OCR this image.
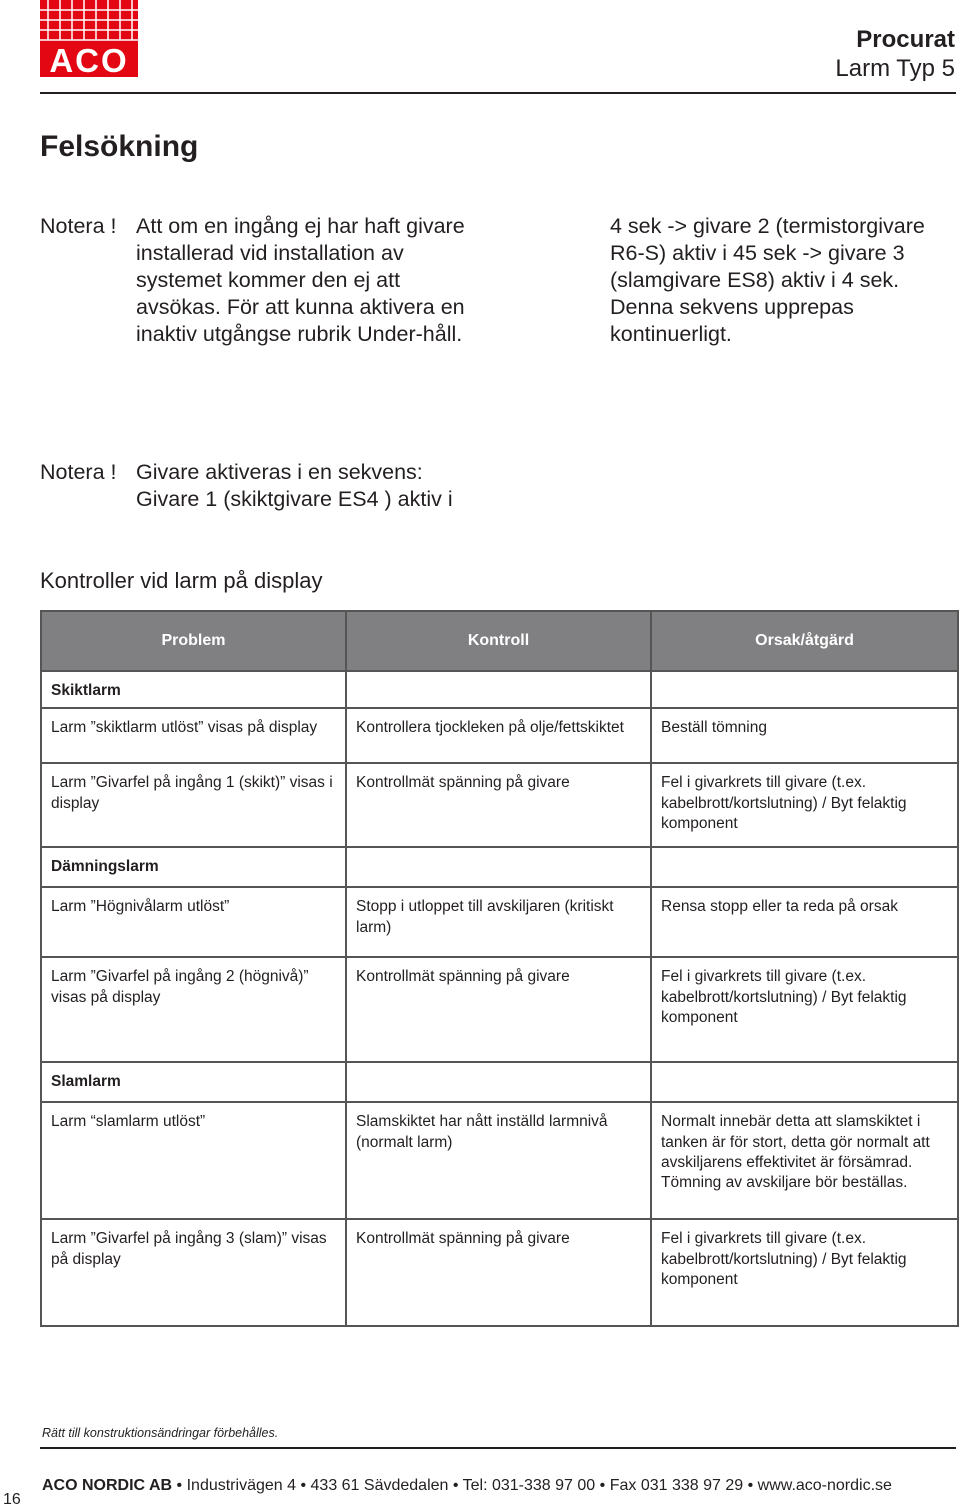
ACO
Procurat
Larm Typ 5
Felsökning
Notera ! Att om en ingång ej har haft givare installerad vid installation av systemet kommer den ej att avsökas. För att kunna aktivera en inaktiv utgångse rubrik Under-håll.
4 sek -> givare 2 (termistorgivare R6-S) aktiv i 45 sek -> givare 3 (slamgivare ES8) aktiv i 4 sek. Denna sekvens upprepas kontinuerligt.
Notera ! Givare aktiveras i en sekvens: Givare 1 (skiktgivare ES4 ) aktiv i
Kontroller vid larm på display
Problem	Kontroll	Orsak/åtgärd
Skiktlarm		
Larm ”skiktlarm utlöst” visas på display	Kontrollera tjockleken på olje/fettskiktet	Beställ tömning
Larm ”Givarfel på ingång 1 (skikt)” visas i display	Kontrollmät spänning på givare	Fel i givarkrets till givare (t.ex. kabelbrott/kortslutning) / Byt felaktig komponent
Dämningslarm		
Larm ”Högnivålarm utlöst”	Stopp i utloppet till avskiljaren (kritiskt larm)	Rensa stopp eller ta reda på orsak
Larm ”Givarfel på ingång 2 (högnivå)” visas på display	Kontrollmät spänning på givare	Fel i givarkrets till givare (t.ex. kabelbrott/kortslutning) / Byt felaktig komponent
Slamlarm		
Larm “slamlarm utlöst”	Slamskiktet har nått inställd larmnivå (normalt larm)	Normalt innebär detta att slamskiktet i tanken är för stort, detta gör normalt att avskiljarens effektivitet är försämrad. Tömning av avskiljare bör beställas.
Larm ”Givarfel på ingång 3 (slam)” visas på display	Kontrollmät spänning på givare	Fel i givarkrets till givare (t.ex. kabelbrott/kortslutning) / Byt felaktig komponent
Rätt till konstruktionsändringar förbehålles.
ACO NORDIC AB • Industrivägen 4 • 433 61 Sävdedalen • Tel: 031-338 97 00 • Fax 031 338 97 29 • www.aco-nordic.se
16
